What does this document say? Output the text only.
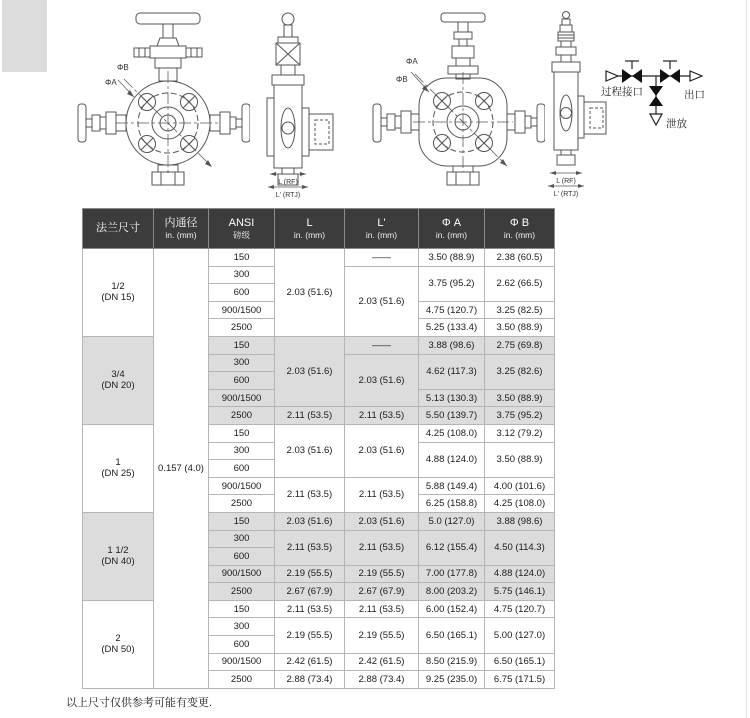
ΦB
ΦA
L (RF)
L' (RTJ)
ΦA
ΦB
L (RF)
L' (RTJ)
过程接口	出口
泄放
法兰尺寸	内通径
in. (mm)

ANSI
磅级

L
in. (mm)

L'
in. (mm)

Φ A
in. (mm)

Φ B
in. (mm)

1/2
(DN 15)	0.157 (4.0)	150	2.03 (51.6)	——	3.50 (88.9)	2.38 (60.5)
		300		2.03 (51.6)	3.75 (95.2)	2.62 (66.5)
		600				
		900/1500			4.75 (120.7)	3.25 (82.5)
		2500			5.25 (133.4)	3.50 (88.9)

3/4
(DN 20)		150	2.03 (51.6)	——	3.88 (98.6)	2.75 (69.8)
		300		2.03 (51.6)	4.62 (117.3)	3.25 (82.6)
		600				
		900/1500			5.13 (130.3)	3.50 (88.9)
		2500	2.11 (53.5)	2.11 (53.5)	5.50 (139.7)	3.75 (95.2)

1
(DN 25)		150	2.03 (51.6)	2.03 (51.6)	4.25 (108.0)	3.12 (79.2)
		300			4.88 (124.0)	3.50 (88.9)
		600				
		900/1500	2.11 (53.5)	2.11 (53.5)	5.88 (149.4)	4.00 (101.6)
		2500			6.25 (158.8)	4.25 (108.0)

1 1/2
(DN 40)		150	2.03 (51.6)	2.03 (51.6)	5.0 (127.0)	3.88 (98.6)
		300	2.11 (53.5)	2.11 (53.5)	6.12 (155.4)	4.50 (114.3)
		600				
		900/1500	2.19 (55.5)	2.19 (55.5)	7.00 (177.8)	4.88 (124.0)
		2500	2.67 (67.9)	2.67 (67.9)	8.00 (203.2)	5.75 (146.1)

2
(DN 50)		150	2.11 (53.5)	2.11 (53.5)	6.00 (152.4)	4.75 (120.7)
		300	2.19 (55.5)	2.19 (55.5)	6.50 (165.1)	5.00 (127.0)
		600				
		900/1500	2.42 (61.5)	2.42 (61.5)	8.50 (215.9)	6.50 (165.1)
		2500	2.88 (73.4)	2.88 (73.4)	9.25 (235.0)	6.75 (171.5)
以上尺寸仅供参考可能有变更.
